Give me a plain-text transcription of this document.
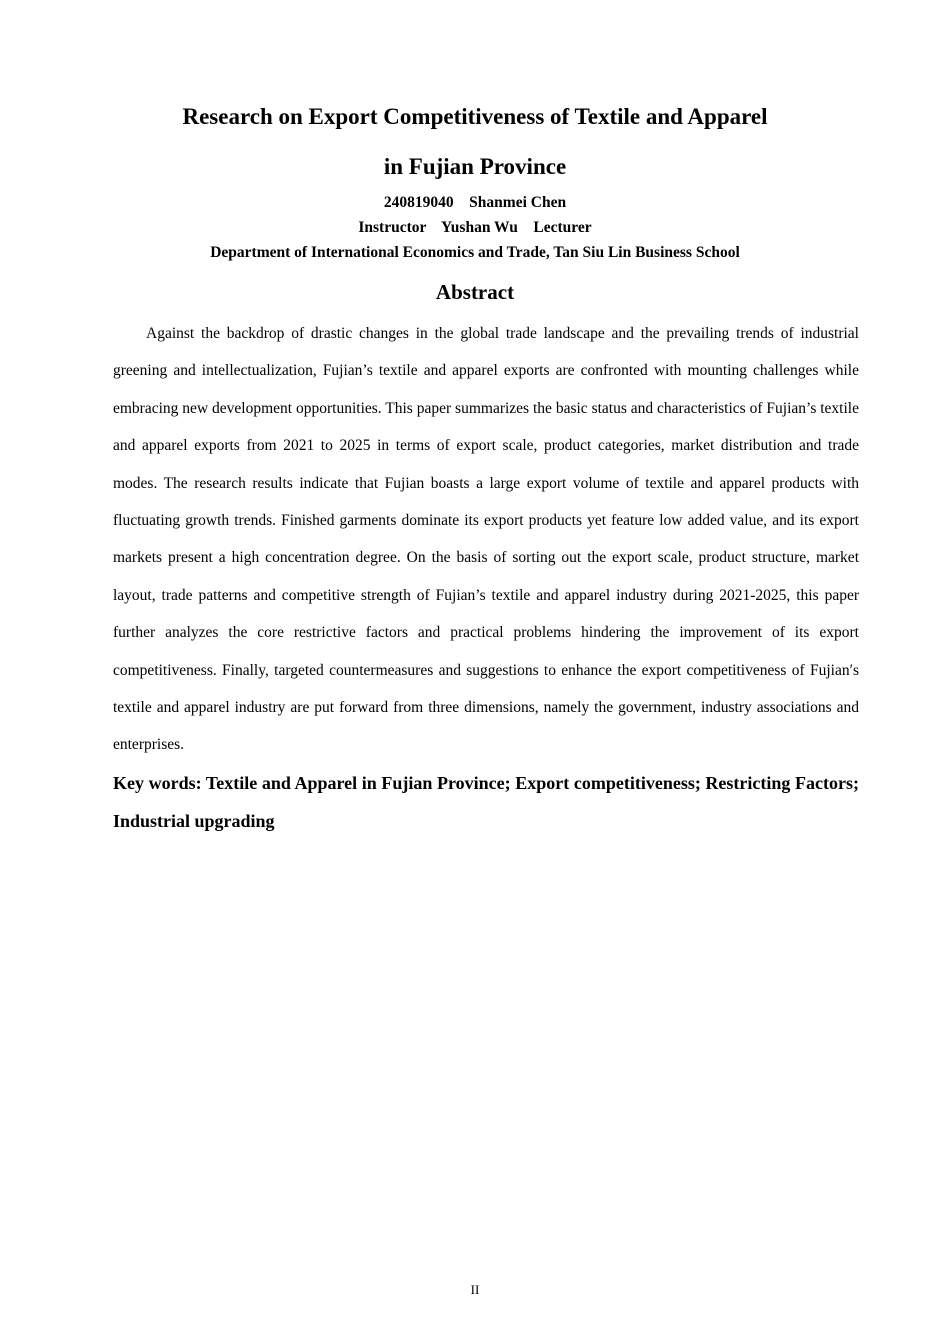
Research on Export Competitiveness of Textile and Apparel
in Fujian Province
240819040    Shanmei Chen
Instructor    Yushan Wu    Lecturer
Department of International Economics and Trade, Tan Siu Lin Business School
Abstract
Against the backdrop of drastic changes in the global trade landscape and the prevailing trends of industrial greening and intellectualization, Fujian’s textile and apparel exports are confronted with mounting challenges while embracing new development opportunities. This paper summarizes the basic status and characteristics of Fujian’s textile and apparel exports from 2021 to 2025 in terms of export scale, product categories, market distribution and trade modes. The research results indicate that Fujian boasts a large export volume of textile and apparel products with fluctuating growth trends. Finished garments dominate its export products yet feature low added value, and its export markets present a high concentration degree. On the basis of sorting out the export scale, product structure, market layout, trade patterns and competitive strength of Fujian’s textile and apparel industry during 2021-2025, this paper further analyzes the core restrictive factors and practical problems hindering the improvement of its export competitiveness. Finally, targeted countermeasures and suggestions to enhance the export competitiveness of Fujian′s textile and apparel industry are put forward from three dimensions, namely the government, industry associations and enterprises.
Key words: Textile and Apparel in Fujian Province; Export competitiveness; Restricting Factors; Industrial upgrading
II
